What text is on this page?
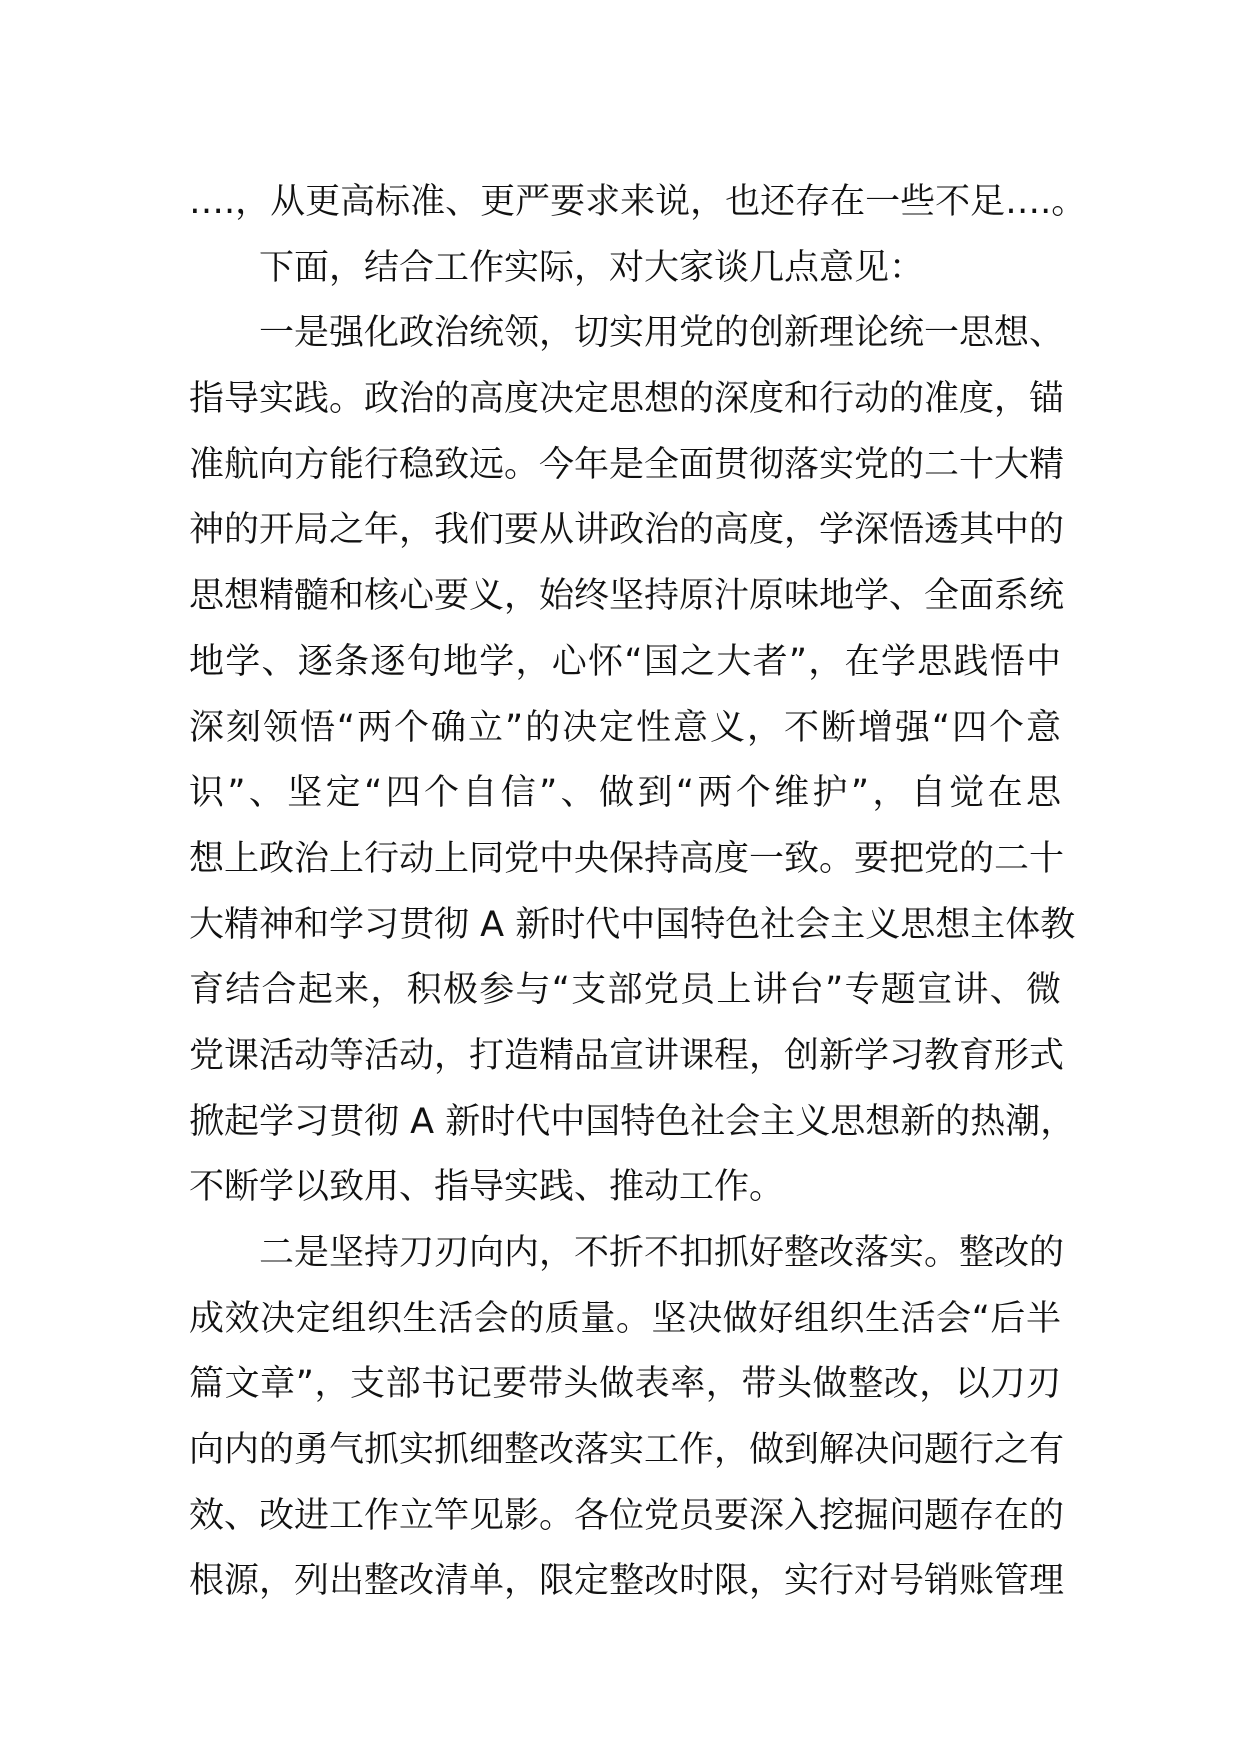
….，从更高标准、更严要求来说，也还存在一些不足….。
下面，结合工作实际，对大家谈几点意见：
一是强化政治统领，切实用党的创新理论统一思想、
指导实践。政治的高度决定思想的深度和行动的准度，锚
准航向方能行稳致远。今年是全面贯彻落实党的二十大精
神的开局之年，我们要从讲政治的高度，学深悟透其中的
思想精髓和核心要义，始终坚持原汁原味地学、全面系统
地学、逐条逐句地学，心怀“国之大者”，在学思践悟中
深刻领悟“两个确立”的决定性意义，不断增强“四个意
识”、坚定“四个自信”、做到“两个维护”，自觉在思
想上政治上行动上同党中央保持高度一致。要把党的二十
大精神和学习贯彻 A 新时代中国特色社会主义思想主体教
育结合起来，积极参与“支部党员上讲台”专题宣讲、微
党课活动等活动，打造精品宣讲课程，创新学习教育形式
掀起学习贯彻 A 新时代中国特色社会主义思想新的热潮，
不断学以致用、指导实践、推动工作。
二是坚持刀刃向内，不折不扣抓好整改落实。整改的
成效决定组织生活会的质量。坚决做好组织生活会“后半
篇文章”，支部书记要带头做表率，带头做整改，以刀刃
向内的勇气抓实抓细整改落实工作，做到解决问题行之有
效、改进工作立竿见影。各位党员要深入挖掘问题存在的
根源，列出整改清单，限定整改时限，实行对号销账管理
